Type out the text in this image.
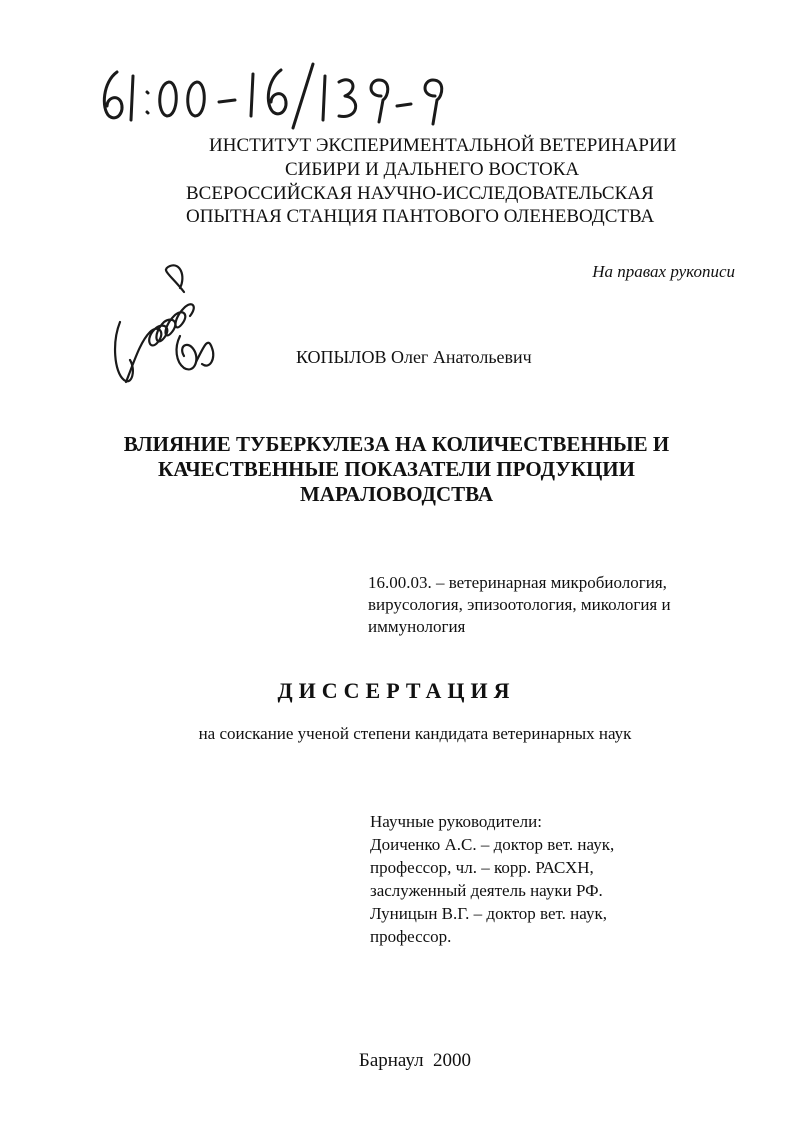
ИНСТИТУТ ЭКСПЕРИМЕНТАЛЬНОЙ ВЕТЕРИНАРИИ
СИБИРИ И ДАЛЬНЕГО ВОСТОКА
ВСЕРОССИЙСКАЯ НАУЧНО-ИССЛЕДОВАТЕЛЬСКАЯ
ОПЫТНАЯ СТАНЦИЯ ПАНТОВОГО ОЛЕНЕВОДСТВА
На правах рукописи
КОПЫЛОВ Олег Анатольевич
ВЛИЯНИЕ ТУБЕРКУЛЕЗА НА КОЛИЧЕСТВЕННЫЕ И
КАЧЕСТВЕННЫЕ ПОКАЗАТЕЛИ ПРОДУКЦИИ
МАРАЛОВОДСТВА
16.00.03. – ветеринарная микробиология,
вирусология, эпизоотология, микология и
иммунология
ДИССЕРТАЦИЯ
на соискание ученой степени кандидата ветеринарных наук
Научные руководители:
Доиченко А.С. – доктор вет. наук,
профессор, чл. – корр. РАСХН,
заслуженный деятель науки РФ.
Луницын В.Г. – доктор вет. наук,
профессор.
Барнаул  2000
